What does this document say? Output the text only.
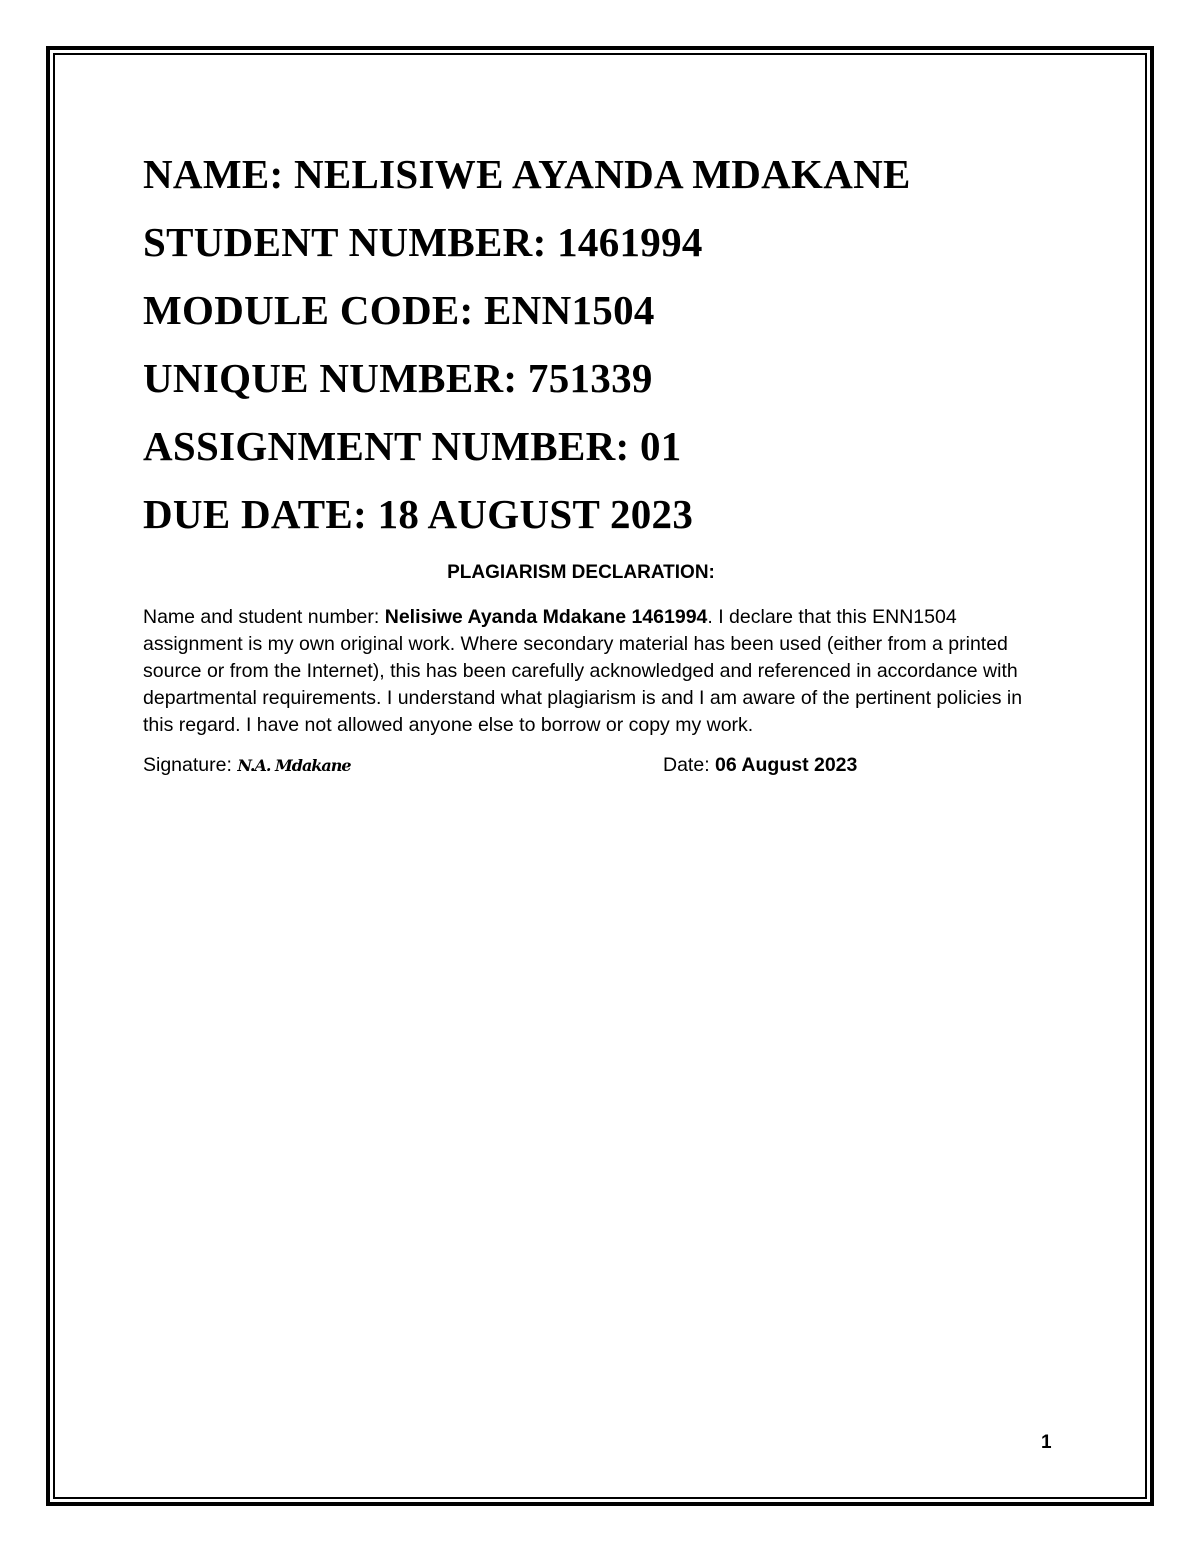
NAME: NELISIWE AYANDA MDAKANE
STUDENT NUMBER: 1461994
MODULE CODE: ENN1504
UNIQUE NUMBER: 751339
ASSIGNMENT NUMBER: 01
DUE DATE: 18 AUGUST 2023
PLAGIARISM DECLARATION:
Name and student number: Nelisiwe Ayanda Mdakane 1461994. I declare that this ENN1504 assignment is my own original work. Where secondary material has been used (either from a printed source or from the Internet), this has been carefully acknowledged and referenced in accordance with departmental requirements. I understand what plagiarism is and I am aware of the pertinent policies in this regard. I have not allowed anyone else to borrow or copy my work.
Signature: N.A. Mdakane	Date: 06 August 2023
1
